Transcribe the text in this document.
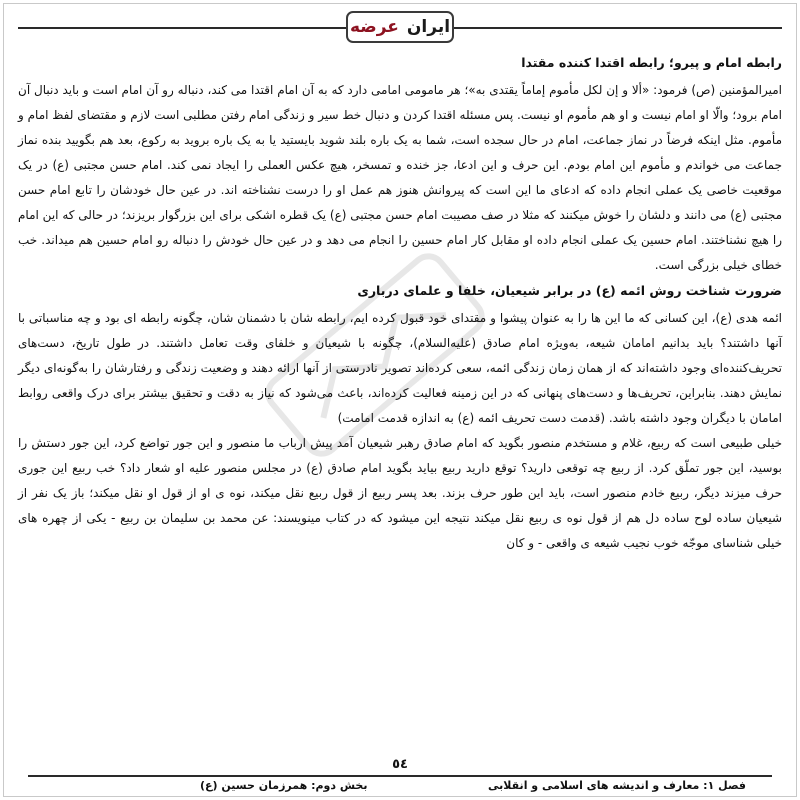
ایران
عرضه
رابطه امام و پیرو؛ رابطه اقتدا کننده مقتدا

امیرالمؤمنین (ص) فرمود: «ألا و إن لکل مأموم إماماً یقتدی به»؛ هر مامومی امامی دارد که به آن امام اقتدا می کند، دنباله رو آن امام است و باید دنبال آن امام برود؛ والّا او امام نیست و او هم مأموم او نیست. پس مسئله اقتدا کردن و دنبال خط سیر و زندگی امام رفتن مطلبی است لازم و مقتضای لفظ امام و مأموم. مثل اینکه فرضاً در نماز جماعت، امام در حال سجده است، شما به یک باره بلند شوید بایستید یا به یک باره بروید به رکوع، بعد هم بگویید بنده نماز جماعت می خواندم و مأموم این امام بودم. این حرف و این ادعا، جز خنده و تمسخر، هیچ عکس العملی را ایجاد نمی کند. امام حسن مجتبی (ع) در یک موقعیت خاصی یک عملی انجام داده که ادعای ما این است که پیروانش هنوز هم عمل او را درست نشناخته اند. در عین حال خودشان را تابع امام حسن مجتبی (ع) می دانند و دلشان را خوش میکنند که مثلا در صف مصیبت امام حسن مجتبی (ع) یک قطره اشکی برای این بزرگوار بریزند؛ در حالی که این امام را هیچ نشناختند. امام حسین یک عملی انجام داده او مقابل کار امام حسین را انجام می دهد و در عین حال خودش را دنباله رو امام حسین هم میداند. خب خطای خیلی بزرگی است.

ضرورت شناخت روش ائمه (ع) در برابر شیعیان، خلفا و علمای درباری

ائمه هدی (ع)، این کسانی که ما این ها را به عنوان پیشوا و مقتدای خود قبول کرده ایم، رابطه شان با دشمنان شان، چگونه رابطه ای بود و چه مناسباتی با آنها داشتند؟ باید بدانیم امامان شیعه، به‌ویژه امام صادق (علیه‌السلام)، چگونه با شیعیان و خلفای وقت تعامل داشتند. در طول تاریخ، دست‌های تحریف‌کننده‌ای وجود داشته‌اند که از همان زمان زندگی ائمه، سعی کرده‌اند تصویر نادرستی از آنها ارائه دهند و وضعیت زندگی و رفتارشان را به‌گونه‌ای دیگر نمایش دهند. بنابراین، تحریف‌ها و دست‌های پنهانی که در این زمینه فعالیت کرده‌اند، باعث می‌شود که نیاز به دقت و تحقیق بیشتر برای درک واقعی روابط امامان با دیگران وجود داشته باشد. (قدمت دست تحریف ائمه (ع) به اندازه قدمت امامت)

خیلی طبیعی است که ربیع، غلام و مستخدم منصور بگوید که امام صادق رهبر شیعیان آمد پیش ارباب ما منصور و این جور تواضع کرد، این جور دستش را بوسید، این جور تملّق کرد. از ربیع چه توقعی دارید؟ توقع دارید ربیع بیاید بگوید امام صادق (ع) در مجلس منصور علیه او شعار داد؟ خب ربیع این جوری حرف میزند دیگر، ربیع خادم منصور است، باید این طور حرف بزند. بعد پسر ربیع از قول ربیع نقل میکند، نوه ی او از قول او نقل میکند؛ باز یک نفر از شیعیان ساده لوح ساده دل هم از قول نوه ی ربیع نقل میکند نتیجه این میشود که در کتاب مینویسند: عن محمد بن سلیمان بن ربیع - یکی از چهره های خیلی شناسای موجّه خوب نجیب شیعه ی واقعی - و کان

٥٤
فصل ۱: معارف و اندیشه های اسلامی و انقلابی
بخش دوم: همرزمان حسین (ع)
